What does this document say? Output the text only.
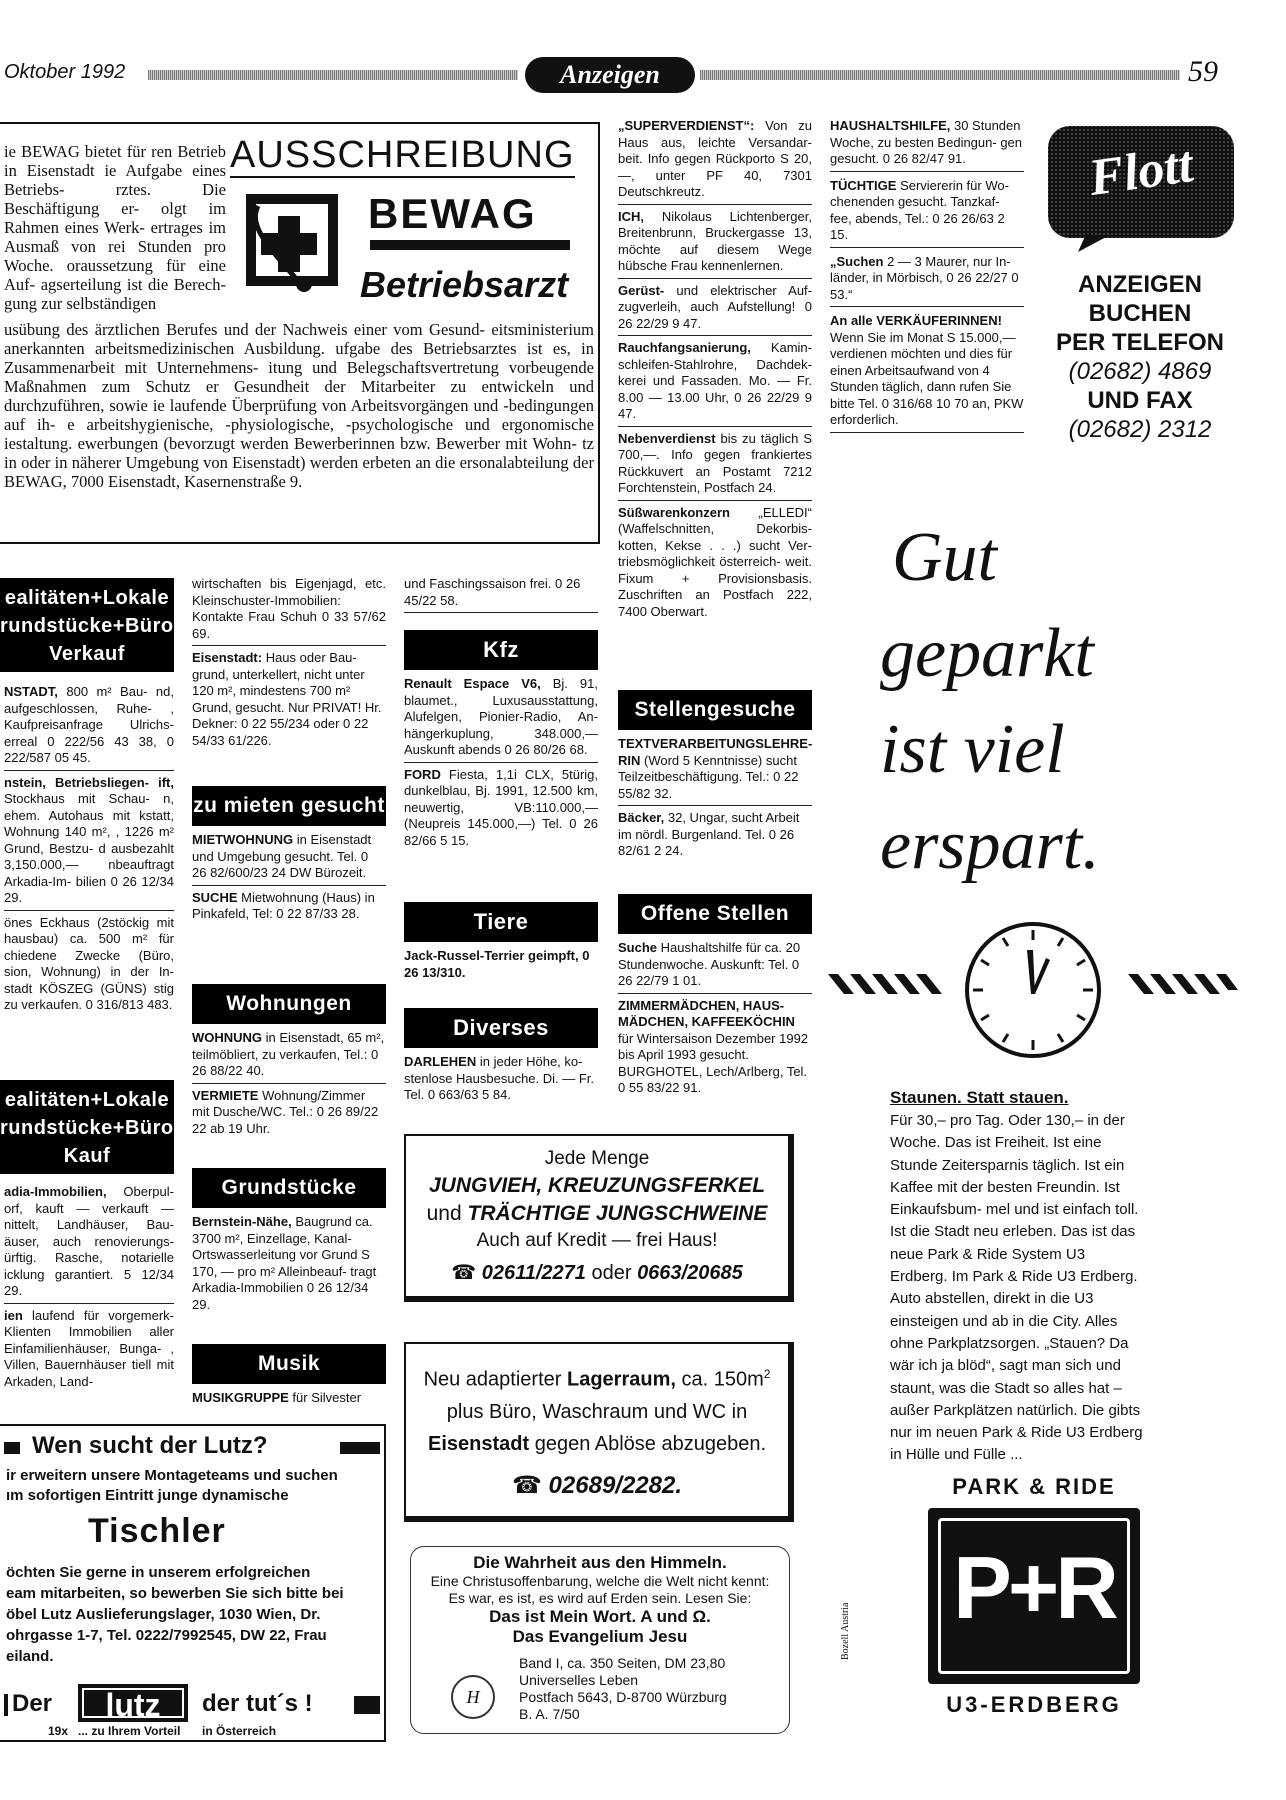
Oktober 1992	Anzeigen	59
ie BEWAG bietet für ren Betrieb in Eisenstadt ie Aufgabe eines Betriebs- rztes. Die Beschäftigung er- olgt im Rahmen eines Werk- ertrages im Ausmaß von rei Stunden pro Woche. oraussetzung für eine Auf- agserteilung ist die Berech- gung zur selbständigen
AUSSCHREIBUNG
BEWAG
Betriebsarzt
usübung des ärztlichen Berufes und der Nachweis einer vom Gesund- eitsministerium anerkannten arbeitsmedizinischen Ausbildung. ufgabe des Betriebsarztes ist es, in Zusammenarbeit mit Unternehmens- itung und Belegschaftsvertretung vorbeugende Maßnahmen zum Schutz er Gesundheit der Mitarbeiter zu entwickeln und durchzuführen, sowie ie laufende Überprüfung von Arbeitsvorgängen und -bedingungen auf ih- e arbeitshygienische, -physiologische, -psychologische und ergonomische iestaltung. ewerbungen (bevorzugt werden Bewerberinnen bzw. Bewerber mit Wohn- tz in oder in näherer Umgebung von Eisenstadt) werden erbeten an die ersonalabteilung der BEWAG, 7000 Eisenstadt, Kasernenstraße 9.

„SUPERVERDIENST“: Von zu Haus aus, leichte Versandar- beit. Info gegen Rückporto S 20,—, unter PF 40, 7301 Deutschkreutz.

ICH, Nikolaus Lichtenberger, Breitenbrunn, Bruckergasse 13, möchte auf diesem Wege hübsche Frau kennenlernen.

Gerüst- und elektrischer Auf- zugverleih, auch Aufstellung! 0 26 22/29 9 47.

Rauchfangsanierung, Kamin- schleifen-Stahlrohre, Dachdek- kerei und Fassaden. Mo. — Fr. 8.00 — 13.00 Uhr, 0 26 22/29 9 47.

Nebenverdienst bis zu täglich S 700,—. Info gegen frankiertes Rückkuvert an Postamt 7212 Forchtenstein, Postfach 24.

Süßwarenkonzern „ELLEDI“ (Waffelschnitten, Dekorbis- kotten, Kekse . . .) sucht Ver- triebsmöglichkeit österreich- weit. Fixum + Provisionsbasis. Zuschriften an Postfach 222, 7400 Oberwart.

Stellengesuche

TEXTVERARBEITUNGSLEHRE- RIN (Word 5 Kenntnisse) sucht Teilzeitbeschäftigung. Tel.: 0 22 55/82 32.

Bäcker, 32, Ungar, sucht Arbeit im nördl. Burgenland. Tel. 0 26 82/61 2 24.

Offene Stellen

Suche Haushaltshilfe für ca. 20 Stundenwoche. Auskunft: Tel. 0 26 22/79 1 01.

ZIMMERMÄDCHEN, HAUS- MÄDCHEN, KAFFEEKÖCHIN für Wintersaison Dezember 1992 bis April 1993 gesucht. BURGHOTEL, Lech/Arlberg, Tel. 0 55 83/22 91.

HAUSHALTSHILFE, 30 Stunden Woche, zu besten Bedingun- gen gesucht. 0 26 82/47 91.

TÜCHTIGE Serviererin für Wo- chenenden gesucht. Tanzkaf- fee, abends, Tel.: 0 26 26/63 2 15.

„Suchen 2 — 3 Maurer, nur In- länder, in Mörbisch, 0 26 22/27 0 53.“

An alle VERKÄUFERINNEN! Wenn Sie im Monat S 15.000,— verdienen möchten und dies für einen Arbeitsaufwand von 4 Stunden täglich, dann rufen Sie bitte Tel. 0 316/68 10 70 an, PKW erforderlich.

Flott
ANZEIGEN
BUCHEN
PER TELEFON
(02682) 4869
UND FAX
(02682) 2312
ealitäten+Lokale
rundstücke+Büros
Verkauf

NSTADT, 800 m² Bau- nd, aufgeschlossen, Ruhe- , Kaufpreisanfrage Ulrichs- erreal 0 222/56 43 38, 0 222/587 05 45.

nstein, Betriebsliegen- ift, Stockhaus mit Schau- n, ehem. Autohaus mit kstatt, Wohnung 140 m², , 1226 m² Grund, Bestzu- d ausbezahlt 3,150.000,— nbeauftragt Arkadia-Im- bilien 0 26 12/34 29.

önes Eckhaus (2stöckig mit hausbau) ca. 500 m² für chiedene Zwecke (Büro, sion, Wohnung) in der In- stadt KÖSZEG (GÜNS) stig zu verkaufen. 0 316/813 483.

ealitäten+Lokale
rundstücke+Büros
Kauf

adia-Immobilien, Oberpul- orf, kauft — verkauft — nittelt, Landhäuser, Bau- äuser, auch renovierungs- ürftig. Rasche, notarielle icklung garantiert. 5 12/34 29.

ien laufend für vorgemerk- Klienten Immobilien aller Einfamilienhäuser, Bunga- , Villen, Bauernhäuser tiell mit Arkaden, Land-

wirtschaften bis Eigenjagd, etc. Kleinschuster-Immobilien: Kontakte Frau Schuh 0 33 57/62 69.

Eisenstadt: Haus oder Bau- grund, unterkellert, nicht unter 120 m², mindestens 700 m² Grund, gesucht. Nur PRIVAT! Hr. Dekner: 0 22 55/234 oder 0 22 54/33 61/226.

zu mieten gesucht

MIETWOHNUNG in Eisenstadt und Umgebung gesucht. Tel. 0 26 82/600/23 24 DW Bürozeit.

SUCHE Mietwohnung (Haus) in Pinkafeld, Tel: 0 22 87/33 28.

Wohnungen

WOHNUNG in Eisenstadt, 65 m², teilmöbliert, zu verkaufen, Tel.: 0 26 88/22 40.

VERMIETE Wohnung/Zimmer mit Dusche/WC. Tel.: 0 26 89/22 22 ab 19 Uhr.

Grundstücke

Bernstein-Nähe, Baugrund ca. 3700 m², Einzellage, Kanal- Ortswasserleitung vor Grund S 170, — pro m² Alleinbeauf- tragt Arkadia-Immobilien 0 26 12/34 29.

Musik

MUSIKGRUPPE für Silvester

und Faschingssaison frei. 0 26 45/22 58.
Kfz

Renault Espace V6, Bj. 91, blaumet., Luxusausstattung, Alufelgen, Pionier-Radio, An- hängerkuplung, 348.000,— Auskunft abends 0 26 80/26 68.

FORD Fiesta, 1,1i CLX, 5türig, dunkelblau, Bj. 1991, 12.500 km, neuwertig, VB:110.000,— (Neupreis 145.000,—) Tel. 0 26 82/66 5 15.

Tiere

Jack-Russel-Terrier geimpft, 0 26 13/310.

Diverses

DARLEHEN in jeder Höhe, ko- stenlose Hausbesuche. Di. — Fr. Tel. 0 663/63 5 84.

Jede Menge
JUNGVIEH, KREUZUNGSFERKEL
und TRÄCHTIGE JUNGSCHWEINE
Auch auf Kredit — frei Haus!
☎ 02611/2271 oder 0663/20685
Neu adaptierter Lagerraum, ca. $150m^2$
plus Büro, Waschraum und WC in
Eisenstadt gegen Ablöse abzugeben.
☎ 02689/2282.
Die Wahrheit aus den Himmeln.
Eine Christusoffenbarung, welche die Welt nicht kennt:
Es war, es ist, es wird auf Erden sein. Lesen Sie:
Das ist Mein Wort. A und Ω.
Das Evangelium Jesu
H
Band I, ca. 350 Seiten, DM 23,80
Universelles Leben
Postfach 5643, D-8700 Würzburg
B. A. 7/50
Wen sucht der Lutz?
ir erweitern unsere Montageteams und suchen
ım sofortigen Eintritt junge dynamische
Tischler
öchten Sie gerne in unserem erfolgreichen
eam mitarbeiten, so bewerben Sie sich bitte bei
öbel Lutz Auslieferungslager, 1030 Wien, Dr.
ohrgasse 1-7, Tel. 0222/7992545, DW 22, Frau
eiland.
Der	lutz	der tut´s !
19x ... zu Ihrem Vorteil in Österreich
Gut
geparkt
ist viel
erspart.
Staunen. Statt stauen.
Für 30,– pro Tag. Oder 130,– in der Woche. Das ist Freiheit. Ist eine Stunde Zeitersparnis täglich. Ist ein Kaffee mit der besten Freundin. Ist Einkaufsbum- mel und ist einfach toll. Ist die Stadt neu erleben. Das ist das neue Park & Ride System U3 Erdberg. Im Park & Ride U3 Erdberg. Auto abstellen, direkt in die U3 einsteigen und ab in die City. Alles ohne Parkplatzsorgen. „Stauen? Da wär ich ja blöd“, sagt man sich und staunt, was die Stadt so alles hat – außer Parkplätzen natürlich. Die gibts nur im neuen Park & Ride U3 Erdberg in Hülle und Fülle ...
PARK & RIDE
P+R
U3-ERDBERG
Bozell Austria
